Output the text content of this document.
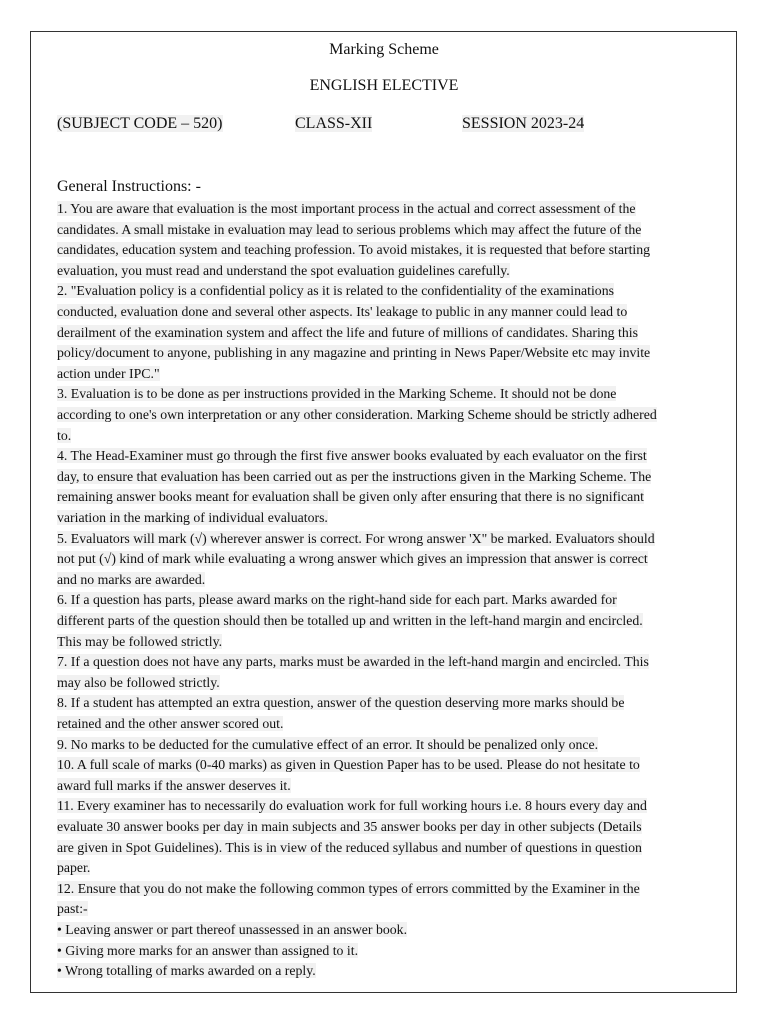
Marking Scheme
ENGLISH ELECTIVE
(SUBJECT CODE – 520)	CLASS-XII	SESSION 2023-24
General Instructions: -
1. You are aware that evaluation is the most important process in the actual and correct assessment of the
candidates. A small mistake in evaluation may lead to serious problems which may affect the future of the
candidates, education system and teaching profession. To avoid mistakes, it is requested that before starting
evaluation, you must read and understand the spot evaluation guidelines carefully.
2. "Evaluation policy is a confidential policy as it is related to the confidentiality of the examinations
conducted, evaluation done and several other aspects. Its' leakage to public in any manner could lead to
derailment of the examination system and affect the life and future of millions of candidates. Sharing this
policy/document to anyone, publishing in any magazine and printing in News Paper/Website etc may invite
action under IPC."
3. Evaluation is to be done as per instructions provided in the Marking Scheme. It should not be done
according to one's own interpretation or any other consideration. Marking Scheme should be strictly adhered
to.
4. The Head-Examiner must go through the first five answer books evaluated by each evaluator on the first
day, to ensure that evaluation has been carried out as per the instructions given in the Marking Scheme. The
remaining answer books meant for evaluation shall be given only after ensuring that there is no significant
variation in the marking of individual evaluators.
5. Evaluators will mark (√) wherever answer is correct. For wrong answer 'X" be marked. Evaluators should
not put (√) kind of mark while evaluating a wrong answer which gives an impression that answer is correct
and no marks are awarded.
6. If a question has parts, please award marks on the right-hand side for each part. Marks awarded for
different parts of the question should then be totalled up and written in the left-hand margin and encircled.
This may be followed strictly.
7. If a question does not have any parts, marks must be awarded in the left-hand margin and encircled. This
may also be followed strictly.
8. If a student has attempted an extra question, answer of the question deserving more marks should be
retained and the other answer scored out.
9. No marks to be deducted for the cumulative effect of an error. It should be penalized only once.
10. A full scale of marks (0-40 marks) as given in Question Paper has to be used. Please do not hesitate to
award full marks if the answer deserves it.
11. Every examiner has to necessarily do evaluation work for full working hours i.e. 8 hours every day and
evaluate 30 answer books per day in main subjects and 35 answer books per day in other subjects (Details
are given in Spot Guidelines). This is in view of the reduced syllabus and number of questions in question
paper.
12. Ensure that you do not make the following common types of errors committed by the Examiner in the
past:-
• Leaving answer or part thereof unassessed in an answer book.
• Giving more marks for an answer than assigned to it.
• Wrong totalling of marks awarded on a reply.
